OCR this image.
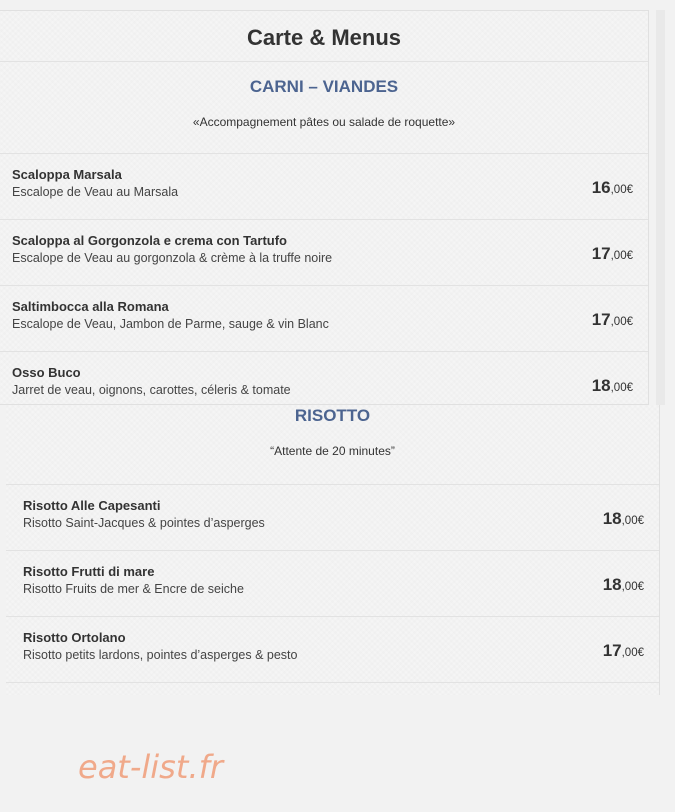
Carte & Menus
CARNI – VIANDES
«Accompagnement pâtes ou salade de roquette»
Scaloppa Marsala
Escalope de Veau au Marsala	16,00€
Scaloppa al Gorgonzola e crema con Tartufo
Escalope de Veau au gorgonzola & crème à la truffe noire	17,00€
Saltimbocca alla Romana
Escalope de Veau, Jambon de Parme, sauge & vin Blanc	17,00€
Osso Buco
Jarret de veau, oignons, carottes, céleris & tomate	18,00€
RISOTTO
“Attente de 20 minutes”
Risotto Alle Capesanti
Risotto Saint-Jacques & pointes d’asperges	18,00€
Risotto Frutti di mare
Risotto Fruits de mer & Encre de seiche	18,00€
Risotto Ortolano
Risotto petits lardons, pointes d’asperges & pesto	17,00€
eat-list.fr
